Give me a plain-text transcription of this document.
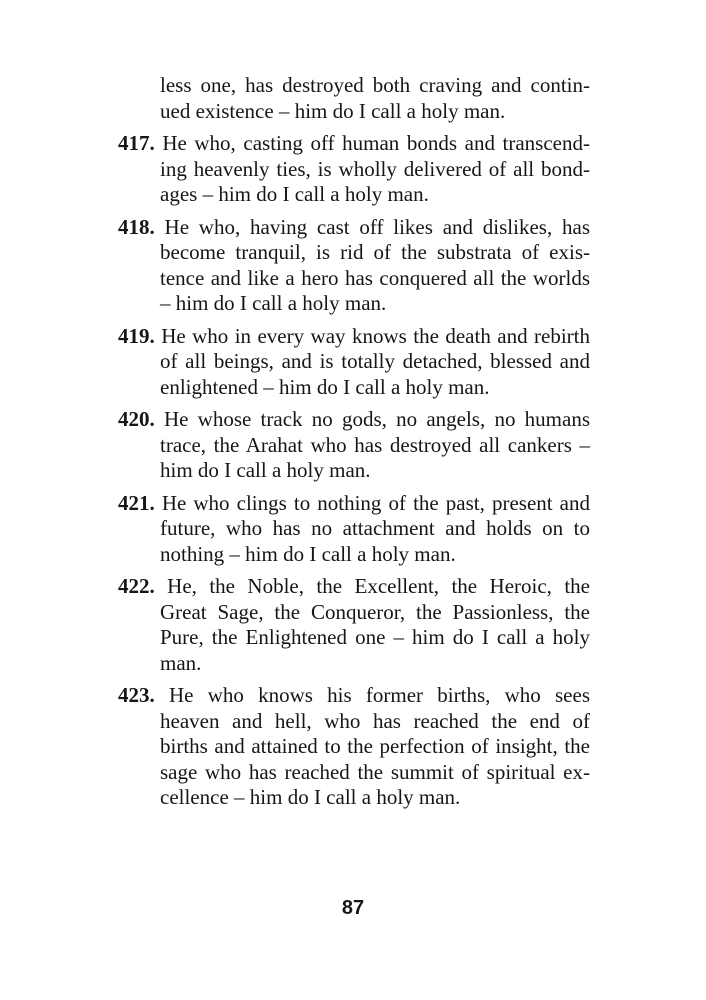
less one, has destroyed both craving and contin-
ued existence – him do I call a holy man.
417. He who, casting off human bonds and transcend-
ing heavenly ties, is wholly delivered of all bond-
ages – him do I call a holy man.
418. He who, having cast off likes and dislikes, has
become tranquil, is rid of the substrata of exis-
tence and like a hero has conquered all the worlds
– him do I call a holy man.
419. He who in every way knows the death and rebirth
of all beings, and is totally detached, blessed and
enlightened – him do I call a holy man.
420. He whose track no gods, no angels, no humans
trace, the Arahat who has destroyed all cankers –
him do I call a holy man.
421. He who clings to nothing of the past, present and
future, who has no attachment and holds on to
nothing – him do I call a holy man.
422. He, the Noble, the Excellent, the Heroic, the
Great Sage, the Conqueror, the Passionless, the
Pure, the Enlightened one – him do I call a holy
man.
423. He who knows his former births, who sees
heaven and hell, who has reached the end of
births and attained to the perfection of insight, the
sage who has reached the summit of spiritual ex-
cellence – him do I call a holy man.
87
